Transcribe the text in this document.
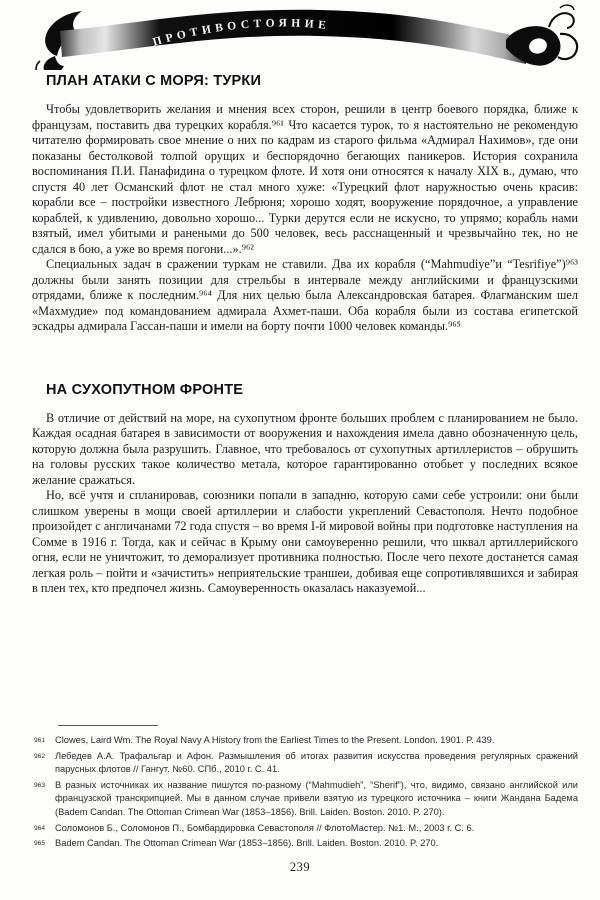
ПРОТИВОСТОЯНИЕ
ПЛАН АТАКИ С МОРЯ: ТУРКИ

Чтобы удовлетворить желания и мнения всех сторон, решили в центр боевого порядка, ближе к французам, поставить два турецких корабля.⁹⁶¹ Что касается турок, то я настоятельно не рекомендую читателю формировать свое мнение о них по кадрам из старого фильма «Адмирал Нахимов», где они показаны бестолковой толпой орущих и беспорядочно бегающих паникеров. История сохранила воспоминания П.И. Панафидина о турецком флоте. И хотя они относятся к началу XIX в., думаю, что спустя 40 лет Османский флот не стал много хуже: «Турецкий флот наружностью очень красив: корабли все – постройки известного Лебрюня; хорошо ходят, вооружение порядочное, а управление кораблей, к удивлению, довольно хорошо... Турки дерутся если не искусно, то упрямо; корабль нами взятый, имел убитыми и ранеными до 500 человек, весь расснащенный и чрезвычайно тек, но не сдался в бою, а уже во время погони...».⁹⁶²

Специальных задач в сражении туркам не ставили. Два их корабля (“Mahmudiye”и “Tesrifiye”)⁹⁶³ должны были занять позиции для стрельбы в интервале между английскими и французскими отрядами, ближе к последним.⁹⁶⁴ Для них целью была Александровская батарея. Флагманским шел «Махмудие» под командованием адмирала Ахмет-паши. Оба корабля были из состава египетской эскадры адмирала Гассан-паши и имели на борту почти 1000 человек команды.⁹⁶⁵

НА СУХОПУТНОМ ФРОНТЕ

В отличие от действий на море, на сухопутном фронте больших проблем с планированием не было. Каждая осадная батарея в зависимости от вооружения и нахождения имела давно обозначенную цель, которую должна была разрушить. Главное, что требовалось от сухопутных артиллеристов – обрушить на головы русских такое количество метала, которое гарантированно отобьет у последних всякое желание сражаться.

Но, всё учтя и спланировав, союзники попали в западню, которую сами себе устроили: они были слишком уверены в мощи своей артиллерии и слабости укреплений Севастополя. Нечто подобное произойдет с англичанами 72 года спустя – во время I-й мировой войны при подготовке наступления на Сомме в 1916 г. Тогда, как и сейчас в Крыму они самоуверенно решили, что шквал артиллерийского огня, если не уничтожит, то деморализует противника полностью. После чего пехоте достанется самая легкая роль – пойти и «зачистить» неприятельские траншеи, добивая еще сопротивлявшихся и забирая в плен тех, кто предпочел жизнь. Самоуверенность оказалась наказуемой...

961 Clowes, Laird Wm. The Royal Navy A History from the Earliest Times to the Present. London. 1901. P. 439.
962 Лебедев А.А. Трафальгар и Афон. Размышления об итогах развития искусства проведения регулярных сражений парусных флотов // Гангут. №60. СПб., 2010 г. С. 41.
963 В разных источниках их название пишутся по-разному (“Mahmudieh”, “Sherif”), что, видимо, связано английской или французской транскрипцией. Мы в данном случае привели взятую из турецкого источника – книги Жандана Бадема (Badem Candan. The Ottoman Crimean War (1853–1856). Brill. Laiden. Boston. 2010. P. 270).
964 Соломонов Б., Соломонов П., Бомбардировка Севастополя // ФлотоМастер. №1. М., 2003 г. С. 6.
965 Badem Candan. The Ottoman Crimean War (1853–1856). Brill. Laiden. Boston. 2010. P. 270.
239
